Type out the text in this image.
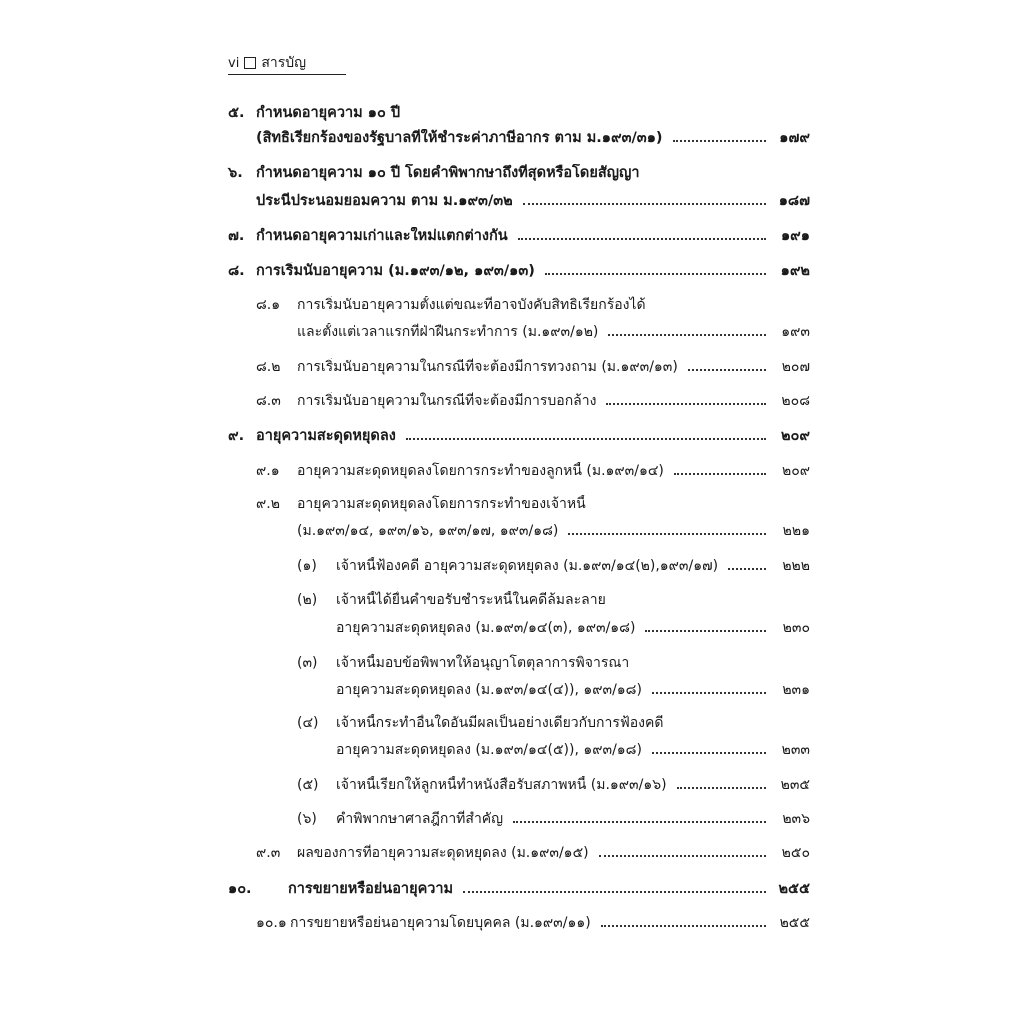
vi สารบัญ
๕. กำหนดอายุความ ๑๐ ปี
(สิทธิเรียกร้องของรัฐบาลที่ให้ชำระค่าภาษีอากร ตาม ม.๑๙๓/๓๑)	๑๗๙
๖. กำหนดอายุความ ๑๐ ปี โดยคำพิพากษาถึงที่สุดหรือโดยสัญญา
ประนีประนอมยอมความ ตาม ม.๑๙๓/๓๒	๑๘๗
๗. กำหนดอายุความเก่าและใหม่แตกต่างกัน	๑๙๑
๘. การเริ่มนับอายุความ (ม.๑๙๓/๑๒, ๑๙๓/๑๓)	๑๙๒
๘.๑	การเริ่มนับอายุความตั้งแต่ขณะที่อาจบังคับสิทธิเรียกร้องได้
และตั้งแต่เวลาแรกที่ฝ่าฝืนกระทำการ (ม.๑๙๓/๑๒)	๑๙๓
๘.๒	การเริ่มนับอายุความในกรณีที่จะต้องมีการทวงถาม (ม.๑๙๓/๑๓)	๒๐๗
๘.๓	การเริ่มนับอายุความในกรณีที่จะต้องมีการบอกล้าง	๒๐๘
๙. อายุความสะดุดหยุดลง	๒๐๙
๙.๑	อายุความสะดุดหยุดลงโดยการกระทำของลูกหนี้ (ม.๑๙๓/๑๔)	๒๐๙
๙.๒	อายุความสะดุดหยุดลงโดยการกระทำของเจ้าหนี้
(ม.๑๙๓/๑๔, ๑๙๓/๑๖, ๑๙๓/๑๗, ๑๙๓/๑๘)	๒๒๑
(๑)	เจ้าหนี้ฟ้องคดี อายุความสะดุดหยุดลง (ม.๑๙๓/๑๔(๒),๑๙๓/๑๗)	๒๒๒
(๒)	เจ้าหนี้ได้ยื่นคำขอรับชำระหนี้ในคดีล้มละลาย
อายุความสะดุดหยุดลง (ม.๑๙๓/๑๔(๓), ๑๙๓/๑๘)	๒๓๐
(๓)	เจ้าหนี้มอบข้อพิพาทให้อนุญาโตตุลาการพิจารณา
อายุความสะดุดหยุดลง (ม.๑๙๓/๑๔(๔)), ๑๙๓/๑๘)	๒๓๑
(๔)	เจ้าหนี้กระทำอื่นใดอันมีผลเป็นอย่างเดียวกับการฟ้องคดี
อายุความสะดุดหยุดลง (ม.๑๙๓/๑๔(๕)), ๑๙๓/๑๘)	๒๓๓
(๕)	เจ้าหนี้เรียกให้ลูกหนี้ทำหนังสือรับสภาพหนี้ (ม.๑๙๓/๑๖)	๒๓๕
(๖)	คำพิพากษาศาลฎีกาที่สำคัญ	๒๓๖
๙.๓	ผลของการที่อายุความสะดุดหยุดลง (ม.๑๙๓/๑๕)	๒๕๐
๑๐.	การขยายหรือย่นอายุความ	๒๕๕
๑๐.๑ การขยายหรือย่นอายุความโดยบุคคล (ม.๑๙๓/๑๑)	๒๕๕
